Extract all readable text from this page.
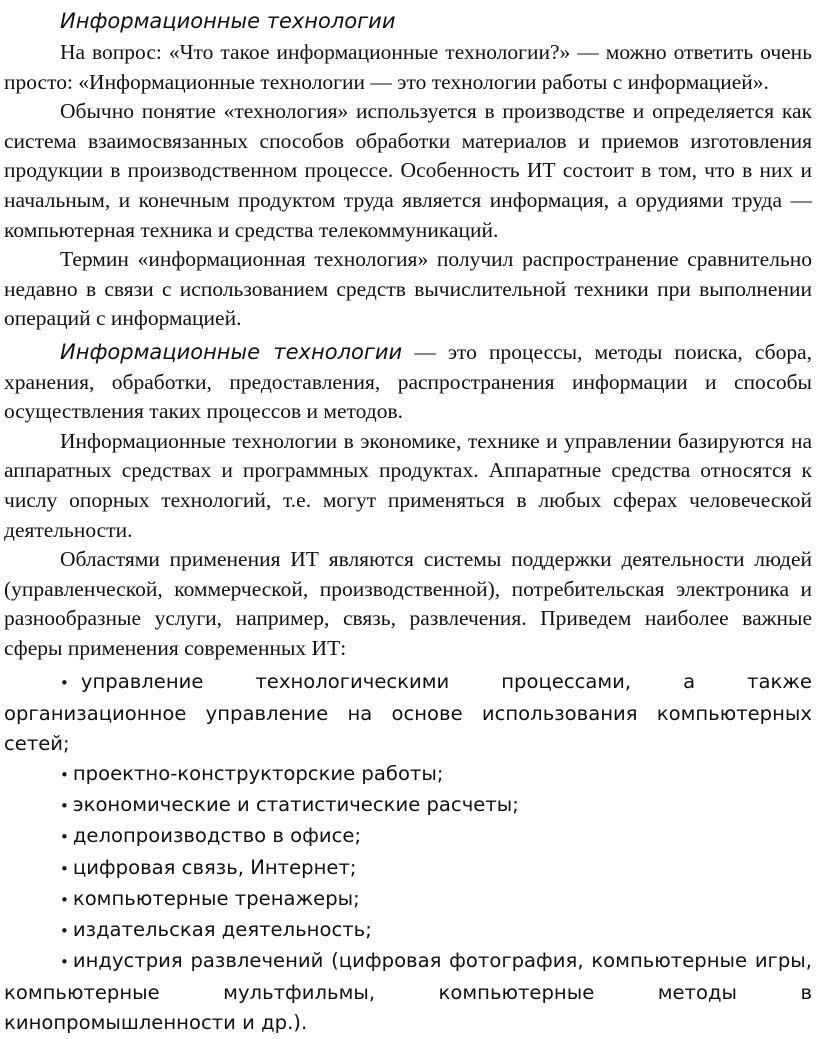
Информационные технологии

На вопрос: «Что такое информационные технологии?» — можно ответить очень просто: «Информационные технологии — это технологии работы с информацией».

Обычно понятие «технология» используется в производстве и определяется как система взаимосвязанных способов обработки материалов и приемов изготовления продукции в производственном процессе. Особенность ИТ состоит в том, что в них и начальным, и конечным продуктом труда является информация, а орудиями труда — компьютерная техника и средства телекоммуникаций.

Термин «информационная технология» получил распространение сравнительно недавно в связи с использованием средств вычислительной техники при выполнении операций с информацией.

Информационные технологии — это процессы, методы поиска, сбора, хранения, обработки, предоставления, распространения информации и способы осуществления таких процессов и методов.

Информационные технологии в экономике, технике и управлении базируются на аппаратных средствах и программных продуктах. Аппаратные средства относятся к числу опорных технологий, т.е. могут применяться в любых сферах человеческой деятельности.

Областями применения ИТ являются системы поддержки деятельности людей (управленческой, коммерческой, производственной), потребительская электроника и разнообразные услуги, например, связь, развлечения. Приведем наиболее важные сферы применения современных ИТ:

• управление технологическими процессами, а также организационное управление на основе использования компьютерных сетей;
• проектно-конструкторские работы;
• экономические и статистические расчеты;
• делопроизводство в офисе;
• цифровая связь, Интернет;
• компьютерные тренажеры;
• издательская деятельность;
• индустрия развлечений (цифровая фотография, компьютерные игры, компьютерные мультфильмы, компьютерные методы в кинопромышленности и др.).
